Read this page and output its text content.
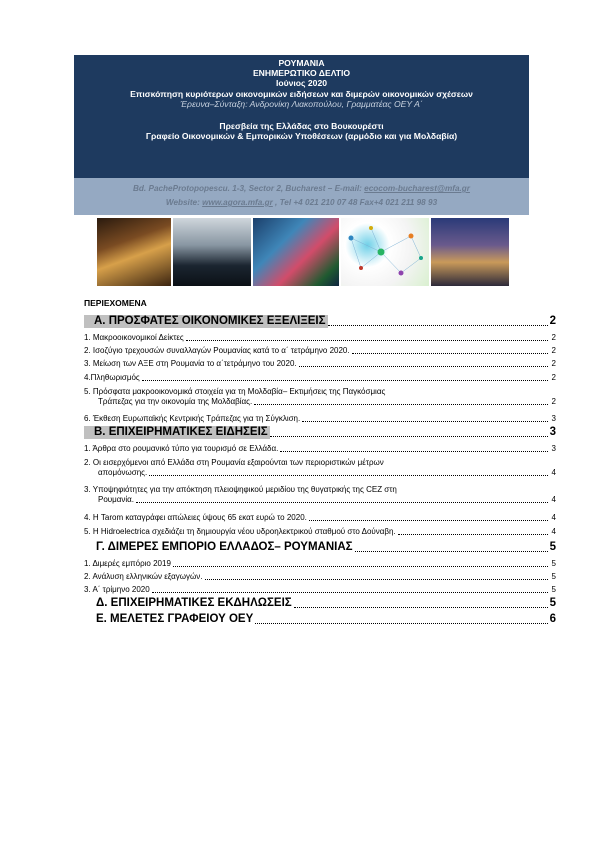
ΡΟΥΜΑΝΙΑ
ΕΝΗΜΕΡΩΤΙΚΟ ΔΕΛΤΙΟ
Ιούνιος 2020
Επισκόπηση κυριότερων οικονομικών ειδήσεων και διμερών οικονομικών σχέσεων
Έρευνα–Σύνταξη: Ανδρονίκη Λιακοπούλου, Γραμματέας ΟΕΥ Α΄
Πρεσβεία της Ελλάδας στο Βουκουρέστι
Γραφείο Οικονομικών & Εμπορικών Υποθέσεων (αρμόδιο και για Μολδαβία)
Bd. PacheProtopopescu. 1-3, Sector 2, Bucharest – E-mail: ecocom-bucharest@mfa.gr
Website: www.agora.mfa.gr , Tel +4 021 210 07 48 Fax+4 021 211 98 93
ΠΕΡΙΕΧΟΜΕΝΑ
Α. ΠΡΟΣΦΑΤΕΣ ΟΙΚΟΝΟΜΙΚΕΣ ΕΞΕΛΙΞΕΙΣ	2
1. Μακροοικονομικοί Δείκτες	2
2. Ισοζύγιο τρεχουσών συναλλαγών Ρουμανίας κατά το α΄ τετράμηνο 2020.	2
3. Μείωση των ΑΞΕ στη Ρουμανία το α΄τετράμηνο του 2020.	2
4.Πληθωρισμός	2
5. Πρόσφατα μακροοικονομικά στοιχεία για τη Μολδαβία– Εκτιμήσεις της Παγκόσμιας
Τράπεζας για την οικονομία της Μολδαβίας.	2
6. Έκθεση Ευρωπαϊκής Κεντρικής Τράπεζας για τη Σύγκλιση.	3
Β. ΕΠΙΧΕΙΡΗΜΑΤΙΚΕΣ ΕΙΔΗΣΕΙΣ	3
1. Άρθρα στο ρουμανικό τύπο για τουρισμό σε Ελλάδα.	3
2. Οι εισερχόμενοι από Ελλάδα στη Ρουμανία εξαιρούνται των περιοριστικών μέτρων
απομόνωσης.	4
3. Υποψηφιότητες για την απόκτηση πλειοψηφικού μεριδίου της θυγατρικής της CEZ στη
Ρουμανία.	4
4. Η Tarom καταγράφει απώλειες ύψους 65 εκατ ευρώ το 2020.	4
5. Η Hidroelectrica σχεδιάζει τη δημιουργία νέου υδροηλεκτρικού σταθμού στο Δούναβη.	4
Γ. ΔΙΜΕΡΕΣ ΕΜΠΟΡΙΟ ΕΛΛΑΔΟΣ– ΡΟΥΜΑΝΙΑΣ	5
1. Διμερές εμπόριο 2019	5
2. Ανάλυση ελληνικών εξαγωγών.	5
3. Α΄ τρίμηνο 2020	5
Δ. ΕΠΙΧΕΙΡΗΜΑΤΙΚΕΣ ΕΚΔΗΛΩΣΕΙΣ	5
Ε. ΜΕΛΕΤΕΣ ΓΡΑΦΕΙΟΥ ΟΕΥ	6
